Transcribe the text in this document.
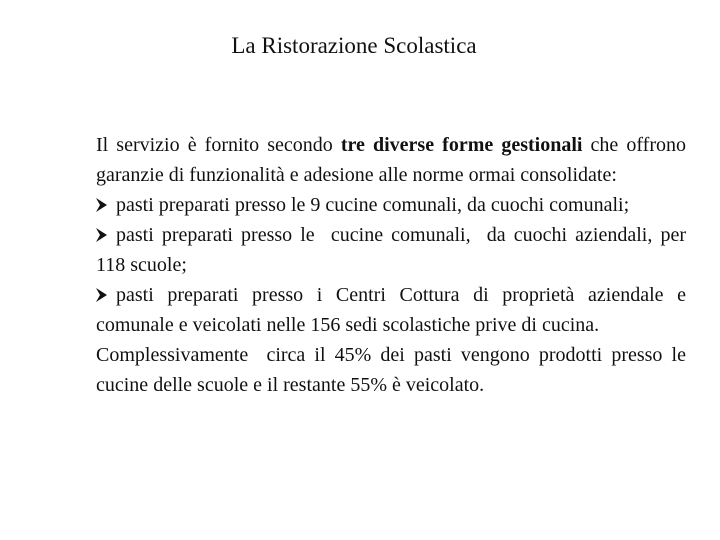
La Ristorazione Scolastica

Il servizio è fornito secondo tre diverse forme gestionali che offrono garanzie di funzionalità e adesione alle norme ormai consolidate:

pasti preparati presso le 9 cucine comunali, da cuochi comunali;

pasti preparati presso le  cucine comunali,  da cuochi aziendali, per 118 scuole;

pasti preparati presso i Centri Cottura di proprietà aziendale e comunale e veicolati nelle 156 sedi scolastiche prive di cucina.

Complessivamente  circa il 45% dei pasti vengono prodotti presso le cucine delle scuole e il restante 55% è veicolato.
